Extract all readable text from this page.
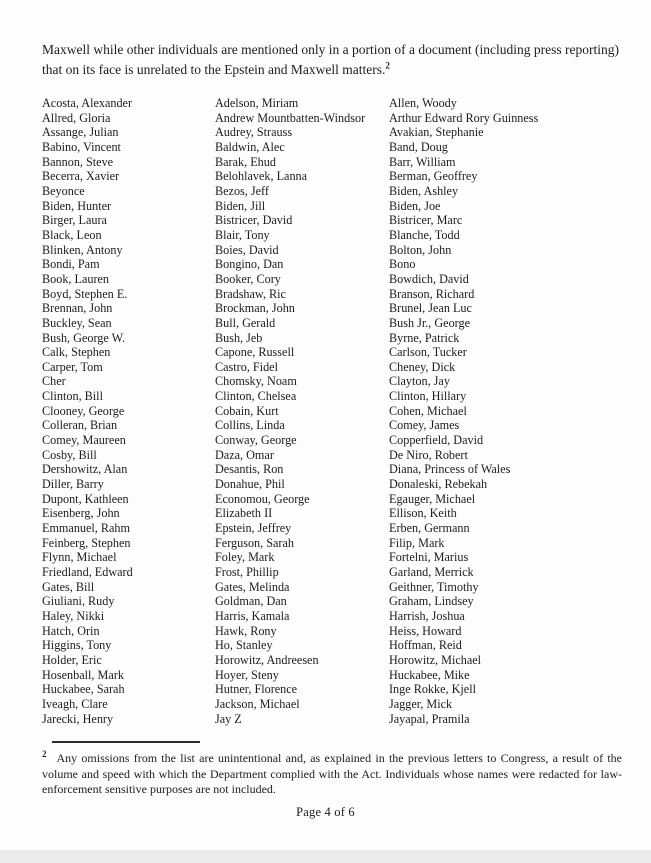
Maxwell while other individuals are mentioned only in a portion of a document (including press reporting) that on its face is unrelated to the Epstein and Maxwell matters.$^2$

Acosta, Alexander
Allred, Gloria
Assange, Julian
Babino, Vincent
Bannon, Steve
Becerra, Xavier
Beyonce
Biden, Hunter
Birger, Laura
Black, Leon
Blinken, Antony
Bondi, Pam
Book, Lauren
Boyd, Stephen E.
Brennan, John
Buckley, Sean
Bush, George W.
Calk, Stephen
Carper, Tom
Cher
Clinton, Bill
Clooney, George
Colleran, Brian
Comey, Maureen
Cosby, Bill
Dershowitz, Alan
Diller, Barry
Dupont, Kathleen
Eisenberg, John
Emmanuel, Rahm
Feinberg, Stephen
Flynn, Michael
Friedland, Edward
Gates, Bill
Giuliani, Rudy
Haley, Nikki
Hatch, Orin
Higgins, Tony
Holder, Eric
Hosenball, Mark
Huckabee, Sarah
Iveagh, Clare
Jarecki, Henry
Adelson, Miriam
Andrew Mountbatten-Windsor
Audrey, Strauss
Baldwin, Alec
Barak, Ehud
Belohlavek, Lanna
Bezos, Jeff
Biden, Jill
Bistricer, David
Blair, Tony
Boies, David
Bongino, Dan
Booker, Cory
Bradshaw, Ric
Brockman, John
Bull, Gerald
Bush, Jeb
Capone, Russell
Castro, Fidel
Chomsky, Noam
Clinton, Chelsea
Cobain, Kurt
Collins, Linda
Conway, George
Daza, Omar
Desantis, Ron
Donahue, Phil
Economou, George
Elizabeth II
Epstein, Jeffrey
Ferguson, Sarah
Foley, Mark
Frost, Phillip
Gates, Melinda
Goldman, Dan
Harris, Kamala
Hawk, Rony
Ho, Stanley
Horowitz, Andreesen
Hoyer, Steny
Hutner, Florence
Jackson, Michael
Jay Z
Allen, Woody
Arthur Edward Rory Guinness
Avakian, Stephanie
Band, Doug
Barr, William
Berman, Geoffrey
Biden, Ashley
Biden, Joe
Bistricer, Marc
Blanche, Todd
Bolton, John
Bono
Bowdich, David
Branson, Richard
Brunel, Jean Luc
Bush Jr., George
Byrne, Patrick
Carlson, Tucker
Cheney, Dick
Clayton, Jay
Clinton, Hillary
Cohen, Michael
Comey, James
Copperfield, David
De Niro, Robert
Diana, Princess of Wales
Donaleski, Rebekah
Egauger, Michael
Ellison, Keith
Erben, Germann
Filip, Mark
Fortelni, Marius
Garland, Merrick
Geithner, Timothy
Graham, Lindsey
Harrish, Joshua
Heiss, Howard
Hoffman, Reid
Horowitz, Michael
Huckabee, Mike
Inge Rokke, Kjell
Jagger, Mick
Jayapal, Pramila

$^2$ Any omissions from the list are unintentional and, as explained in the previous letters to Congress, a result of the volume and speed with which the Department complied with the Act. Individuals whose names were redacted for law-enforcement sensitive purposes are not included.

Page 4 of 6
